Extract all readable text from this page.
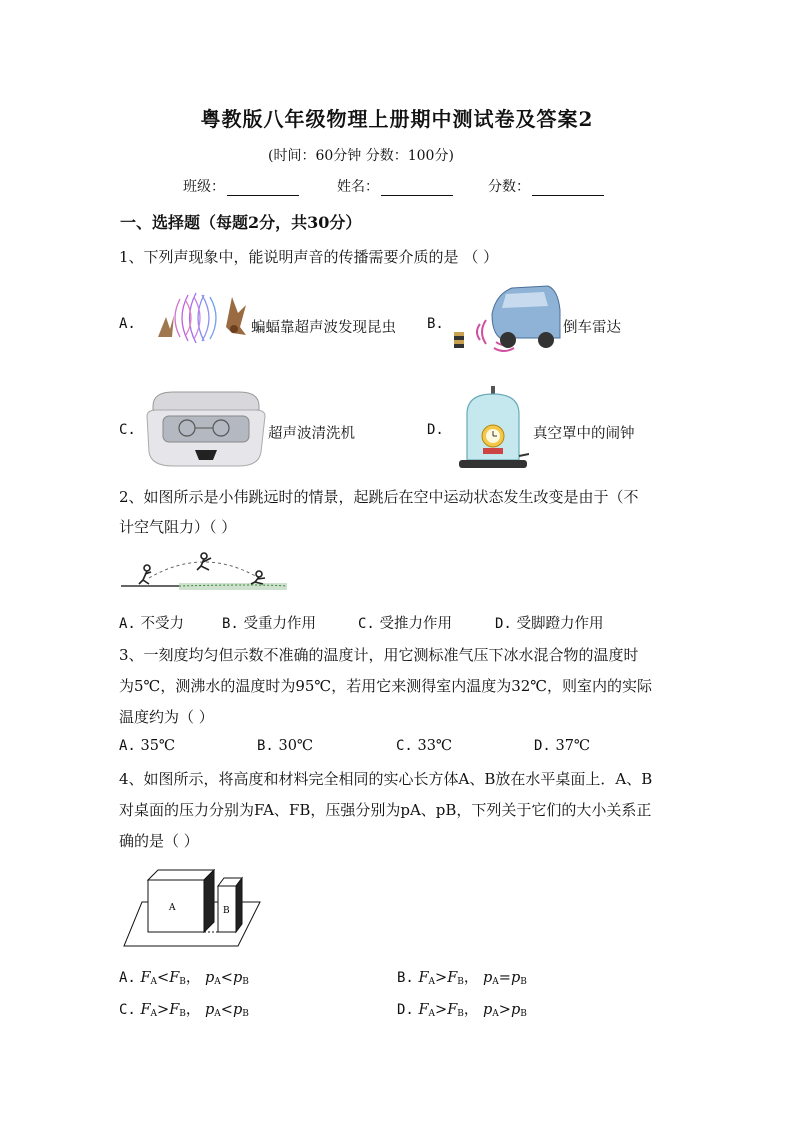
粤教版八年级物理上册期中测试卷及答案2
(时间：60分钟 分数：100分)
班级：	姓名：	分数：
一、选择题（每题2分，共30分）
1、下列声现象中，能说明声音的传播需要介质的是 （ ）
A.	蝙蝠靠超声波发现昆虫 B.	倒车雷达
C.	超声波清洗机	D.	真空罩中的闹钟
2、如图所示是小伟跳远时的情景，起跳后在空中运动状态发生改变是由于（不
计空气阻力）（ ）
A. 不受力	B. 受重力作用	C. 受推力作用	D. 受脚蹬力作用
3、一刻度均匀但示数不准确的温度计，用它测标准气压下冰水混合物的温度时
为5℃，测沸水的温度时为95℃，若用它来测得室内温度为32℃，则室内的实际
温度约为（ ）
A. 35℃	B. 30℃	C. 33℃	D. 37℃
4、如图所示，将高度和材料完全相同的实心长方体A、B放在水平桌面上．A、B
对桌面的压力分别为FA、FB，压强分别为pA、pB，下列关于它们的大小关系正
确的是（ ）
A	B
A. $F_A<F_B$， $p_A<p_B$	B. $F_A>F_B$， $p_A=p_B$
C. $F_A>F_B$， $p_A<p_B$	D. $F_A>F_B$， $p_A>p_B$
